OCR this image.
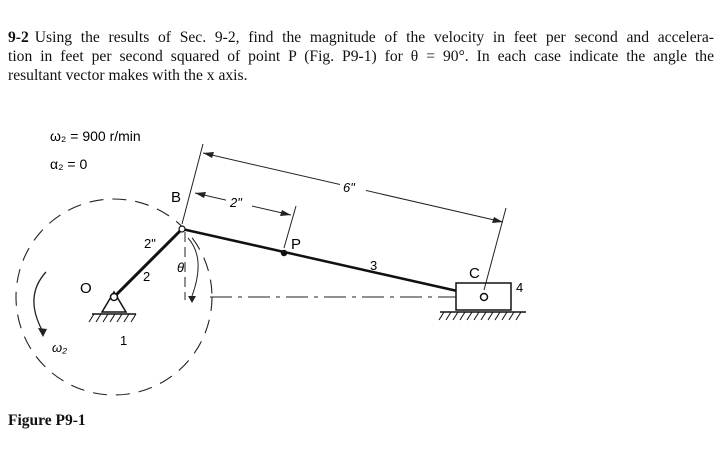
9-2 Using the results of Sec. 9-2, find the magnitude of the velocity in feet per second and accelera-
tion in feet per second squared of point P (Fig. P9-1) for θ = 90°. In each case indicate the angle the
resultant vector makes with the x axis.
ω₂ = 900 r/min
α₂ = 0
B
P
C
O
2"
6"
2"
2
3
4
1
θ
ω₂
Figure P9-1
